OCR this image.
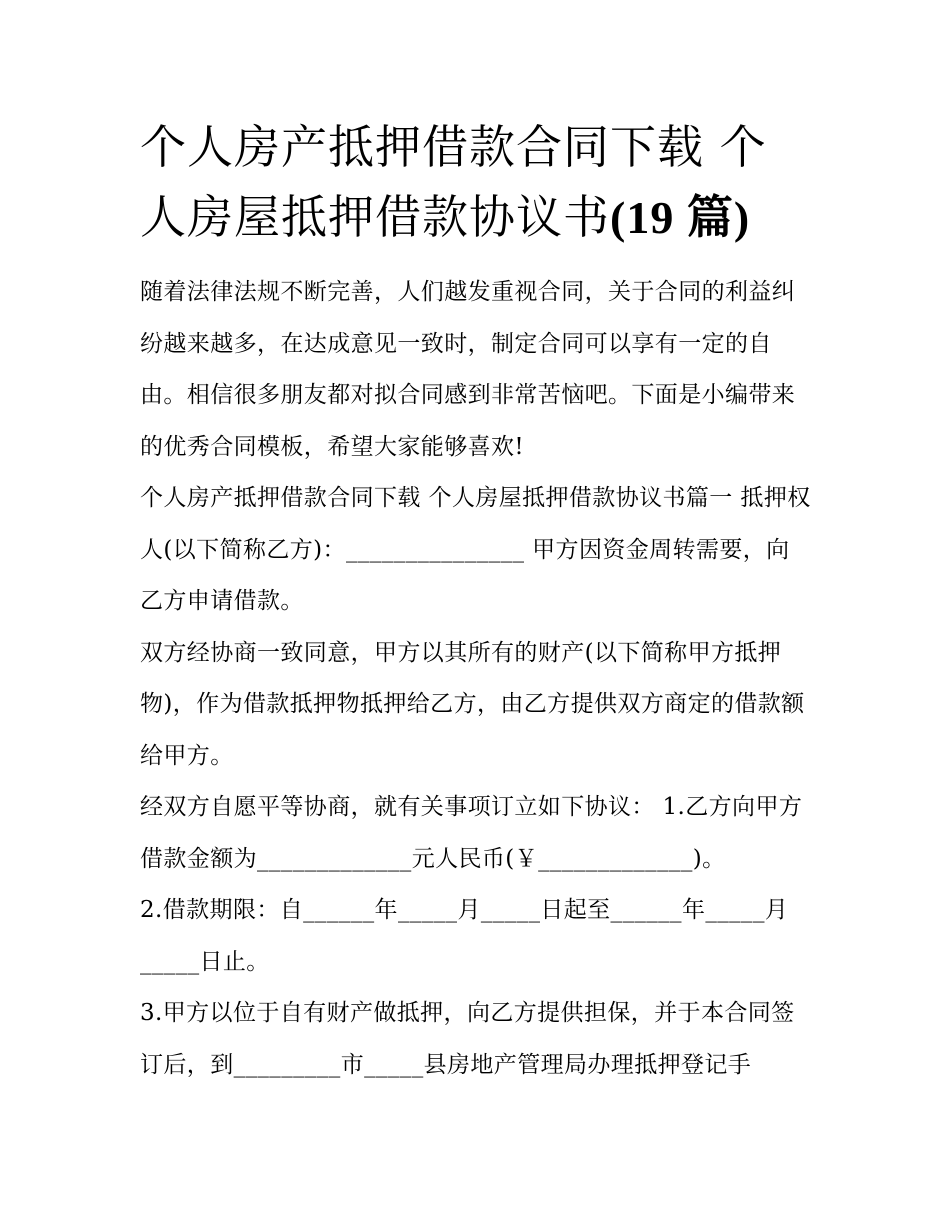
个人房产抵押借款合同下载 个人房屋抵押借款协议书(19 篇)

随着法律法规不断完善，人们越发重视合同，关于合同的利益纠纷越来越多，在达成意见一致时，制定合同可以享有一定的自由。相信很多朋友都对拟合同感到非常苦恼吧。下面是小编带来的优秀合同模板，希望大家能够喜欢!

个人房产抵押借款合同下载 个人房屋抵押借款协议书篇一 抵押权人(以下简称乙方)：_______________ 甲方因资金周转需要，向乙方申请借款。

双方经协商一致同意，甲方以其所有的财产(以下简称甲方抵押物)，作为借款抵押物抵押给乙方，由乙方提供双方商定的借款额给甲方。

经双方自愿平等协商，就有关事项订立如下协议： 1.乙方向甲方借款金额为_____________元人民币(￥_____________)。

2.借款期限：自______年_____月_____日起至______年_____月_____日止。

3.甲方以位于自有财产做抵押，向乙方提供担保，并于本合同签订后，到_________市_____县房地产管理局办理抵押登记手
